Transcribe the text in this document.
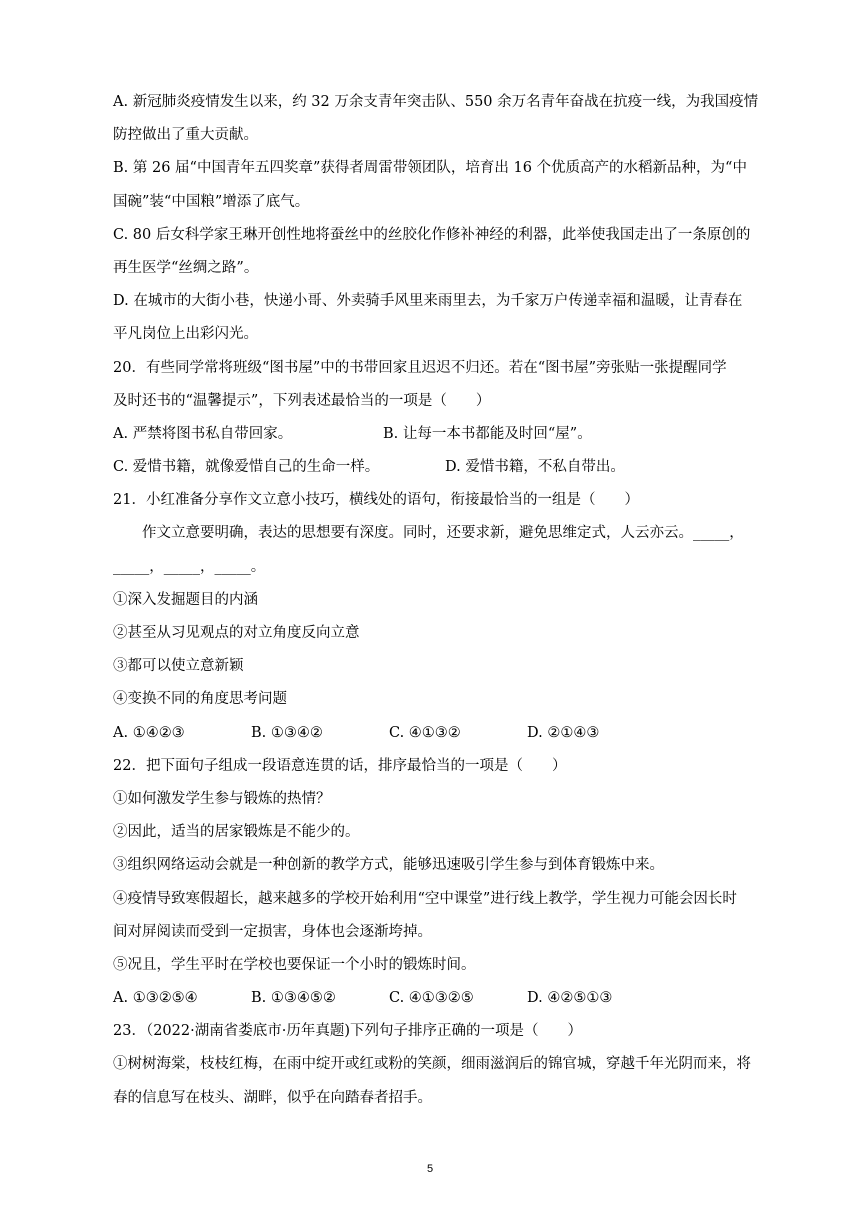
A. 新冠肺炎疫情发生以来，约 32 万余支青年突击队、550 余万名青年奋战在抗疫一线，为我国疫情
防控做出了重大贡献。
B. 第 26 届“中国青年五四奖章”获得者周雷带领团队，培育出 16 个优质高产的水稻新品种，为“中
国碗”装“中国粮”增添了底气。
C. 80 后女科学家王琳开创性地将蚕丝中的丝胶化作修补神经的利器，此举使我国走出了一条原创的
再生医学“丝绸之路”。
D. 在城市的大街小巷，快递小哥、外卖骑手风里来雨里去，为千家万户传递幸福和温暖，让青春在
平凡岗位上出彩闪光。
20．有些同学常将班级“图书屋”中的书带回家且迟迟不归还。若在“图书屋”旁张贴一张提醒同学
及时还书的“温馨提示”，下列表述最恰当的一项是（　　）
A. 严禁将图书私自带回家。	B. 让每一本书都能及时回“屋”。
C. 爱惜书籍，就像爱惜自己的生命一样。	D. 爱惜书籍，不私自带出。
21．小红准备分享作文立意小技巧，横线处的语句，衔接最恰当的一组是（　　）
作文立意要明确，表达的思想要有深度。同时，还要求新，避免思维定式，人云亦云。_____，
_____，_____，_____。
①深入发掘题目的内涵
②甚至从习见观点的对立角度反向立意
③都可以使立意新颖
④变换不同的角度思考问题
A. ①④②③	B. ①③④②	C. ④①③②	D. ②①④③
22．把下面句子组成一段语意连贯的话，排序最恰当的一项是（　　）
①如何激发学生参与锻炼的热情？
②因此，适当的居家锻炼是不能少的。
③组织网络运动会就是一种创新的教学方式，能够迅速吸引学生参与到体育锻炼中来。
④疫情导致寒假超长，越来越多的学校开始利用“空中课堂”进行线上教学，学生视力可能会因长时
间对屏阅读而受到一定损害，身体也会逐渐垮掉。
⑤况且，学生平时在学校也要保证一个小时的锻炼时间。
A. ①③②⑤④	B. ①③④⑤②	C. ④①③②⑤	D. ④②⑤①③
23．（2022·湖南省娄底市·历年真题)下列句子排序正确的一项是（　　）
①树树海棠，枝枝红梅，在雨中绽开或红或粉的笑颜，细雨滋润后的锦官城，穿越千年光阴而来，将
春的信息写在枝头、湖畔，似乎在向踏春者招手。
5
